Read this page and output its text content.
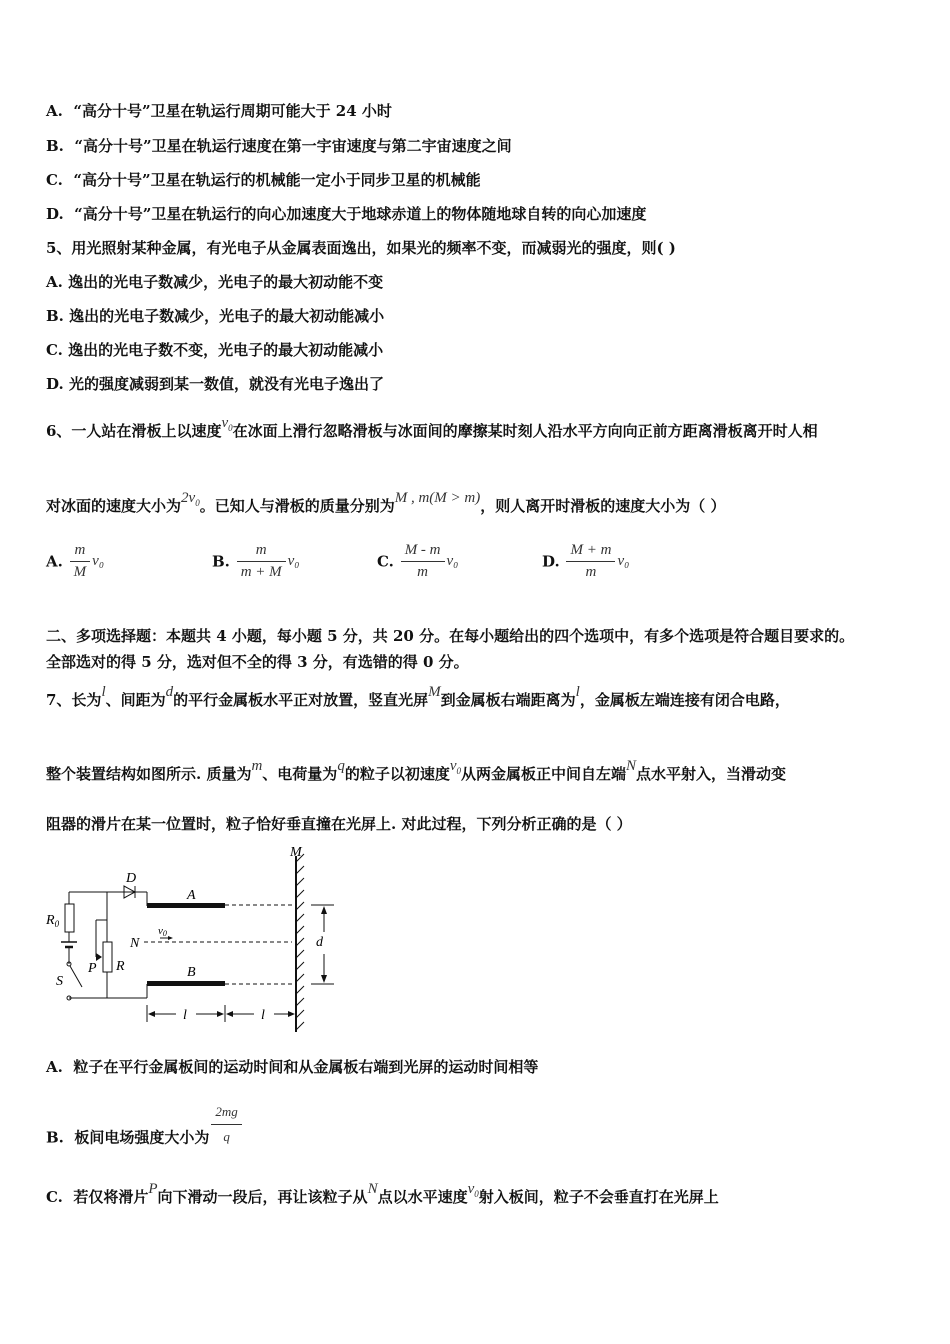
A. “高分十号”卫星在轨运行周期可能大于 24 小时
B. “高分十号”卫星在轨运行速度在第一宇宙速度与第二宇宙速度之间
C. “高分十号”卫星在轨运行的机械能一定小于同步卫星的机械能
D. “高分十号”卫星在轨运行的向心加速度大于地球赤道上的物体随地球自转的向心加速度
5、用光照射某种金属，有光电子从金属表面逸出，如果光的频率不变，而减弱光的强度，则( )
A. 逸出的光电子数减少，光电子的最大初动能不变
B. 逸出的光电子数减少，光电子的最大初动能减小
C. 逸出的光电子数不变，光电子的最大初动能减小
D. 光的强度减弱到某一数值，就没有光电子逸出了
6、一人站在滑板上以速度$v_0$在冰面上滑行忽略滑板与冰面间的摩擦某时刻人沿水平方向向正前方距离滑板离开时人相
对冰面的速度大小为$2v_0$。已知人与滑板的质量分别为M , m(M > m)，则人离开时滑板的速度大小为（ ）
A. $\frac{m}{M} v_0$	B. $\frac{m}{m + M} v_0$	C. $\frac{M - m}{m} v_0$	D. $\frac{M + m}{m} v_0$
二、多项选择题：本题共 4 小题，每小题 5 分，共 20 分。在每小题给出的四个选项中，有多个选项是符合题目要求的。
全部选对的得 5 分，选对但不全的得 3 分，有选错的得 0 分。
7、长为l、间距为d的平行金属板水平正对放置，竖直光屏M到金属板右端距离为l，金属板左端连接有闭合电路，
整个装置结构如图所示. 质量为m、电荷量为q的粒子以初速度$v_0$从两金属板正中间自左端N点水平射入，当滑动变
阻器的滑片在某一位置时，粒子恰好垂直撞在光屏上. 对此过程，下列分析正确的是（ ）
M
D
A
$R_0$
N
v0
d
P R	B
S
l	l
A. 粒子在平行金属板间的运动时间和从金属板右端到光屏的运动时间相等
B. 板间电场强度大小为 $\frac{2mg}{q}$
C. 若仅将滑片P向下滑动一段后，再让该粒子从N点以水平速度$v_0$射入板间，粒子不会垂直打在光屏上
